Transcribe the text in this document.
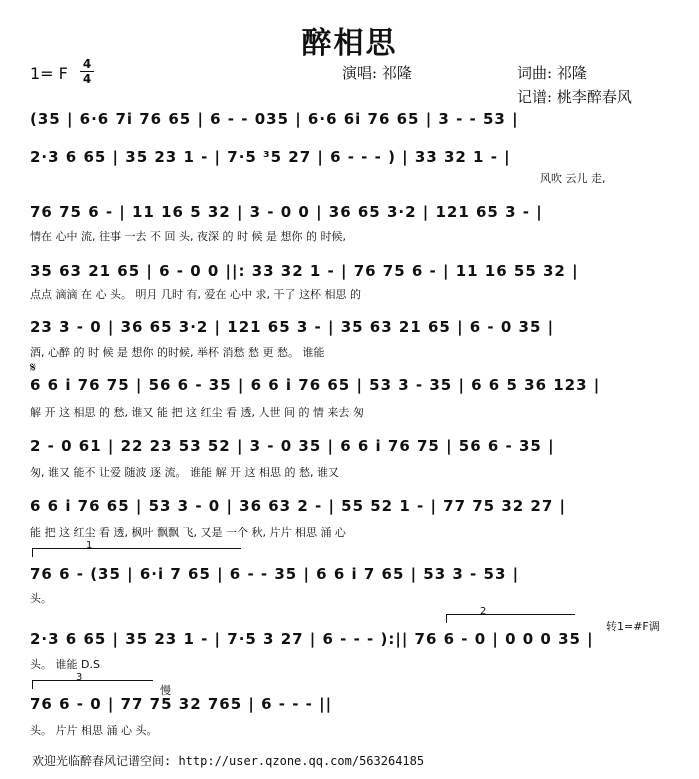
醉相思
1= F 4
4	演唱: 祁隆	词曲: 祁隆
记谱: 桃李醉春风
(35 | 6·6 7i 76 65 | 6 - - 035 | 6·6 6i 76 65 | 3 - - 53 |
2·3 6 65 | 35 23 1 - | 7·5 ³5 27 | 6 - - - ) | 33 32 1 - |
风吹 云儿 走,
76 75 6 - | 11 16 5 32 | 3 - 0 0 | 36 65 3·2 | 121 65 3 - |
情在 心中 流, 往事 一去 不 回 头, 夜深 的 时 候 是 想你 的 时候,
35 63 21 65 | 6 - 0 0 ||: 33 32 1 - | 76 75 6 - | 11 16 55 32 |
点点 滴滴 在 心 头。 明月 几时 有, 爱在 心中 求, 干了 这杯 相思 的
23 3 - 0 | 36 65 3·2 | 121 65 3 - | 35 63 21 65 | 6 - 0 35 |
酒, 心醉 的 时 候 是 想你 的时候, 举杯 消愁 愁 更 愁。 谁能
𝄋
6 6 i 76 75 | 56 6 - 35 | 6 6 i 76 65 | 53 3 - 35 | 6 6 5 36 123 |
解 开 这 相思 的 愁, 谁又 能 把 这 红尘 看 透, 人世 间 的 情 来去 匆
2 - 0 61 | 22 23 53 52 | 3 - 0 35 | 6 6 i 76 75 | 56 6 - 35 |
匆, 谁又 能不 让爱 随波 逐 流。 谁能 解 开 这 相思 的 愁, 谁又
6 6 i 76 65 | 53 3 - 0 | 36 63 2 - | 55 52 1 - | 77 75 32 27 |
能 把 这 红尘 看 透, 枫叶 飘飘 飞, 又是 一个 秋, 片片 相思 涌 心
1
76 6 - (35 | 6·i 7 65 | 6 - - 35 | 6 6 i 7 65 | 53 3 - 53 |
头。
2
转1=#F调
2·3 6 65 | 35 23 1 - | 7·5 3 27 | 6 - - - ):|| 76 6 - 0 | 0 0 0 35 |
头。 谁能 D.S
3
慢
76 6 - 0 | 77 75 32 765 | 6 - - - ||
头。 片片 相思 涌 心 头。
欢迎光临醉春风记谱空间: http://user.qzone.qq.com/563264185
